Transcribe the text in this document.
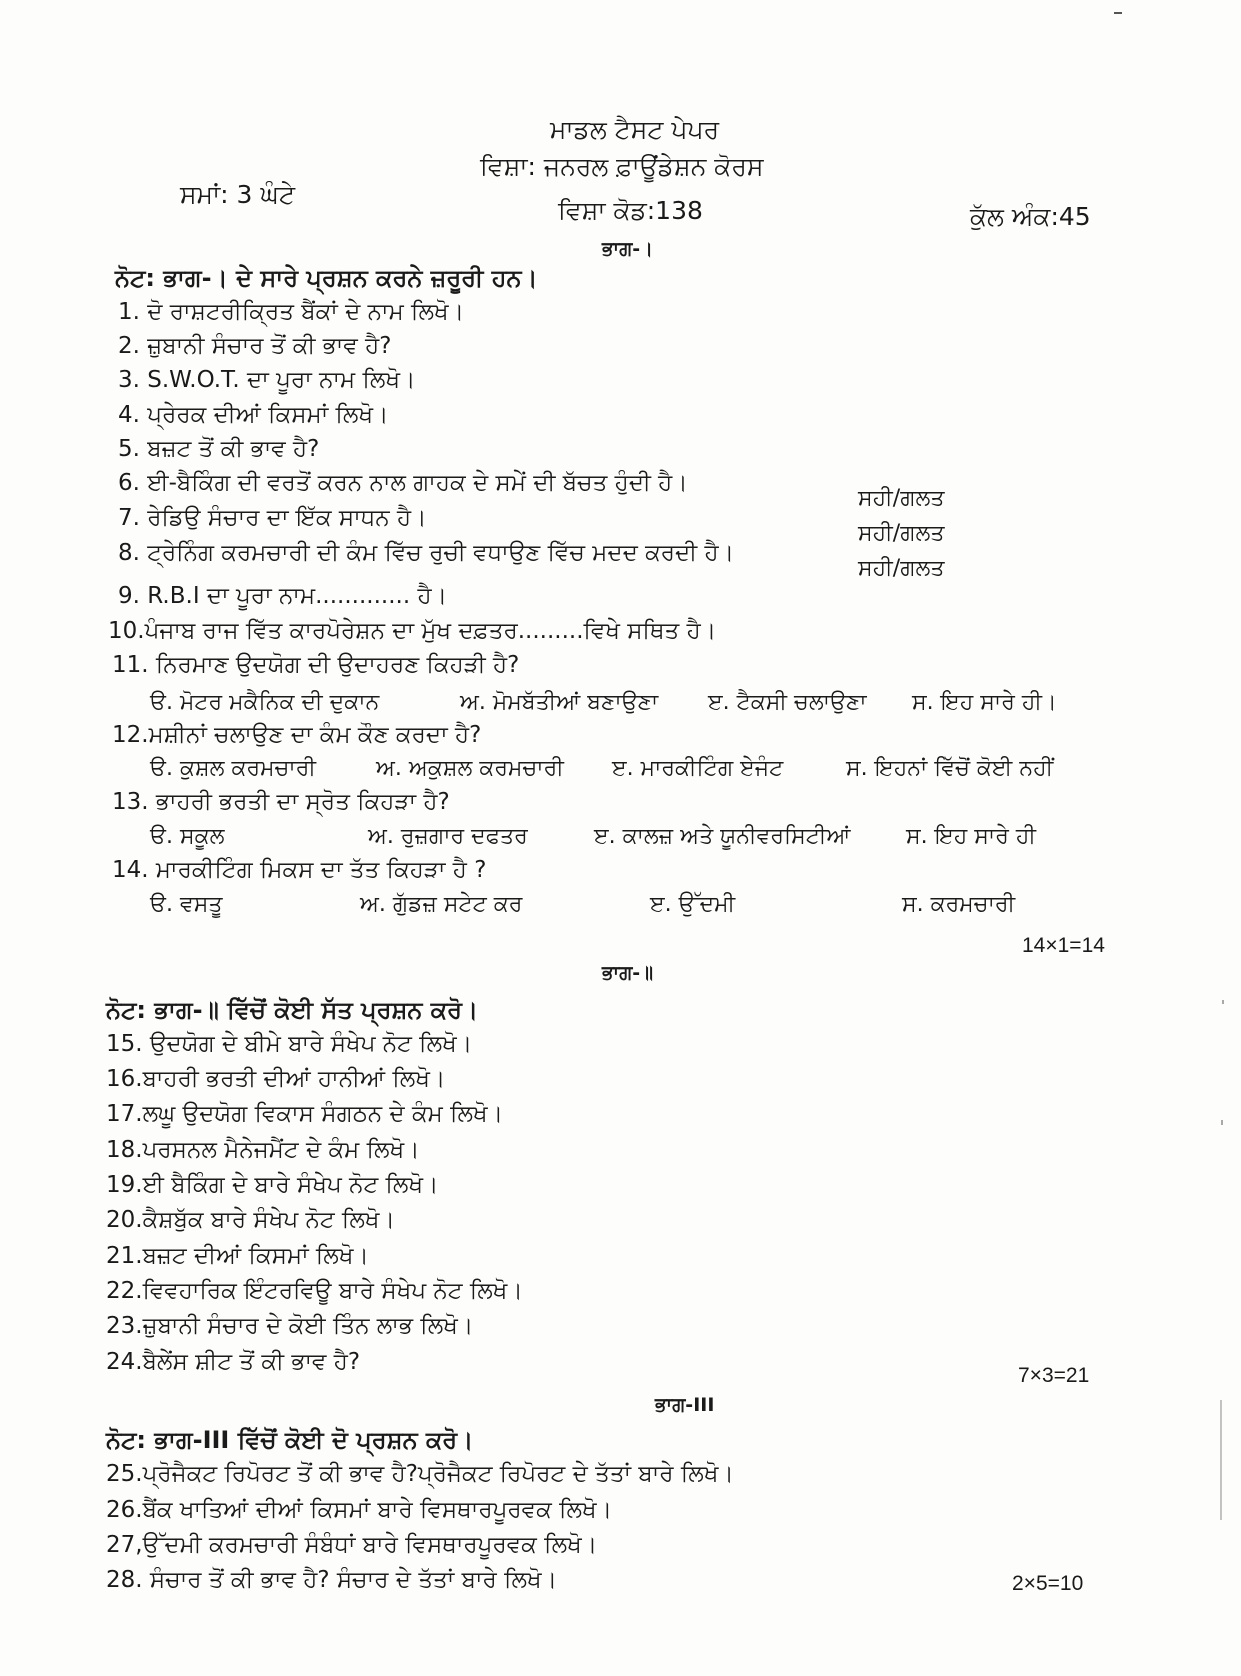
ਮਾਡਲ ਟੈਸਟ ਪੇਪਰ
ਵਿਸ਼ਾ: ਜਨਰਲ ਫ਼ਾਊਂਡੇਸ਼ਨ ਕੋਰਸ
ਸਮਾਂ: 3 ਘੰਟੇ
ਵਿਸ਼ਾ ਕੋਡ:138	ਕੁੱਲ ਅੰਕ:45
ਭਾਗ-।
ਨੋਟ: ਭਾਗ-। ਦੇ ਸਾਰੇ ਪ੍ਰਸ਼ਨ ਕਰਨੇ ਜ਼ਰੂਰੀ ਹਨ।
1. ਦੋ ਰਾਸ਼ਟਰੀਕ੍ਰਿਤ ਬੈਂਕਾਂ ਦੇ ਨਾਮ ਲਿਖੋ।
2. ਜ਼ੁਬਾਨੀ ਸੰਚਾਰ ਤੋਂ ਕੀ ਭਾਵ ਹੈ?
3. S.W.O.T. ਦਾ ਪੂਰਾ ਨਾਮ ਲਿਖੋ।
4. ਪ੍ਰੇਰਕ ਦੀਆਂ ਕਿਸਮਾਂ ਲਿਖੋ।
5. ਬਜ਼ਟ ਤੋਂ ਕੀ ਭਾਵ ਹੈ?
6. ਈ-ਬੈਕਿੰਗ ਦੀ ਵਰਤੋਂ ਕਰਨ ਨਾਲ ਗਾਹਕ ਦੇ ਸਮੇਂ ਦੀ ਬੱਚਤ ਹੁੰਦੀ ਹੈ।
ਸਹੀ/ਗਲਤ
7. ਰੇਡਿਉ ਸੰਚਾਰ ਦਾ ਇੱਕ ਸਾਧਨ ਹੈ।
ਸਹੀ/ਗਲਤ
8. ਟ੍ਰੇਨਿੰਗ ਕਰਮਚਾਰੀ ਦੀ ਕੰਮ ਵਿੱਚ ਰੁਚੀ ਵਧਾਉਣ ਵਿੱਚ ਮਦਦ ਕਰਦੀ ਹੈ।
ਸਹੀ/ਗਲਤ
9. R.B.I ਦਾ ਪੂਰਾ ਨਾਮ............. ਹੈ।
10.ਪੰਜਾਬ ਰਾਜ ਵਿੱਤ ਕਾਰਪੋਰੇਸ਼ਨ ਦਾ ਮੁੱਖ ਦਫ਼ਤਰ.........ਵਿਖੇ ਸਥਿਤ ਹੈ।
11. ਨਿਰਮਾਣ ਉਦਯੋਗ ਦੀ ਉਦਾਹਰਣ ਕਿਹੜੀ ਹੈ?
ੳ. ਮੋਟਰ ਮਕੈਨਿਕ ਦੀ ਦੁਕਾਨ	ਅ. ਮੋਮਬੱਤੀਆਂ ਬਣਾਉਣਾ ੲ. ਟੈਕਸੀ ਚਲਾਉਣਾ ਸ. ਇਹ ਸਾਰੇ ਹੀ।
12.ਮਸ਼ੀਨਾਂ ਚਲਾਉਣ ਦਾ ਕੰਮ ਕੌਣ ਕਰਦਾ ਹੈ?
ੳ. ਕੁਸ਼ਲ ਕਰਮਚਾਰੀ	ਅ. ਅਕੁਸ਼ਲ ਕਰਮਚਾਰੀ ੲ. ਮਾਰਕੀਟਿੰਗ ਏਜੰਟ	ਸ. ਇਹਨਾਂ ਵਿੱਚੋਂ ਕੋਈ ਨਹੀਂ
13. ਭਾਹਰੀ ਭਰਤੀ ਦਾ ਸ੍ਰੋਤ ਕਿਹੜਾ ਹੈ?
ੳ. ਸਕੂਲ	ਅ. ਰੁਜ਼ਗਾਰ ਦਫਤਰ	ੲ. ਕਾਲਜ਼ ਅਤੇ ਯੂਨੀਵਰਸਿਟੀਆਂ	ਸ. ਇਹ ਸਾਰੇ ਹੀ
14. ਮਾਰਕੀਟਿੰਗ ਮਿਕਸ ਦਾ ਤੱਤ ਕਿਹੜਾ ਹੈ ?
ੳ. ਵਸਤੂ	ਅ. ਗੁੱਡਜ਼ ਸਟੇਟ ਕਰ	ੲ. ਉੱਦਮੀ	ਸ. ਕਰਮਚਾਰੀ
14×1=14
ਭਾਗ-॥
ਨੋਟ: ਭਾਗ-॥ ਵਿੱਚੋਂ ਕੋਈ ਸੱਤ ਪ੍ਰਸ਼ਨ ਕਰੋ।
15. ਉਦਯੋਗ ਦੇ ਬੀਮੇ ਬਾਰੇ ਸੰਖੇਪ ਨੋਟ ਲਿਖੋ।
16.ਬਾਹਰੀ ਭਰਤੀ ਦੀਆਂ ਹਾਨੀਆਂ ਲਿਖੋ।
17.ਲਘੂ ਉਦਯੋਗ ਵਿਕਾਸ ਸੰਗਠਨ ਦੇ ਕੰਮ ਲਿਖੋ।
18.ਪਰਸਨਲ ਮੈਨੇਜਮੈਂਟ ਦੇ ਕੰਮ ਲਿਖੋ।
19.ਈ ਬੈਕਿੰਗ ਦੇ ਬਾਰੇ ਸੰਖੇਪ ਨੋਟ ਲਿਖੋ।
20.ਕੈਸ਼ਬੁੱਕ ਬਾਰੇ ਸੰਖੇਪ ਨੋਟ ਲਿਖੋ।
21.ਬਜ਼ਟ ਦੀਆਂ ਕਿਸਮਾਂ ਲਿਖੋ।
22.ਵਿਵਹਾਰਿਕ ਇੰਟਰਵਿਊ ਬਾਰੇ ਸੰਖੇਪ ਨੋਟ ਲਿਖੋ।
23.ਜ਼ੁਬਾਨੀ ਸੰਚਾਰ ਦੇ ਕੋਈ ਤਿੰਨ ਲਾਭ ਲਿਖੋ।
24.ਬੈਲੇਂਸ ਸ਼ੀਟ ਤੋਂ ਕੀ ਭਾਵ ਹੈ?
7×3=21
ਭਾਗ-III
ਨੋਟ: ਭਾਗ-III ਵਿੱਚੋਂ ਕੋਈ ਦੋ ਪ੍ਰਸ਼ਨ ਕਰੋ।
25.ਪ੍ਰੋਜੈਕਟ ਰਿਪੋਰਟ ਤੋਂ ਕੀ ਭਾਵ ਹੈ?ਪ੍ਰੋਜੈਕਟ ਰਿਪੋਰਟ ਦੇ ਤੱਤਾਂ ਬਾਰੇ ਲਿਖੋ।
26.ਬੈਂਕ ਖਾਤਿਆਂ ਦੀਆਂ ਕਿਸਮਾਂ ਬਾਰੇ ਵਿਸਥਾਰਪੂਰਵਕ ਲਿਖੋ।
27,ਉੱਦਮੀ ਕਰਮਚਾਰੀ ਸੰਬੰਧਾਂ ਬਾਰੇ ਵਿਸਥਾਰਪੂਰਵਕ ਲਿਖੋ।
28. ਸੰਚਾਰ ਤੋਂ ਕੀ ਭਾਵ ਹੈ? ਸੰਚਾਰ ਦੇ ਤੱਤਾਂ ਬਾਰੇ ਲਿਖੋ।	2×5=10
